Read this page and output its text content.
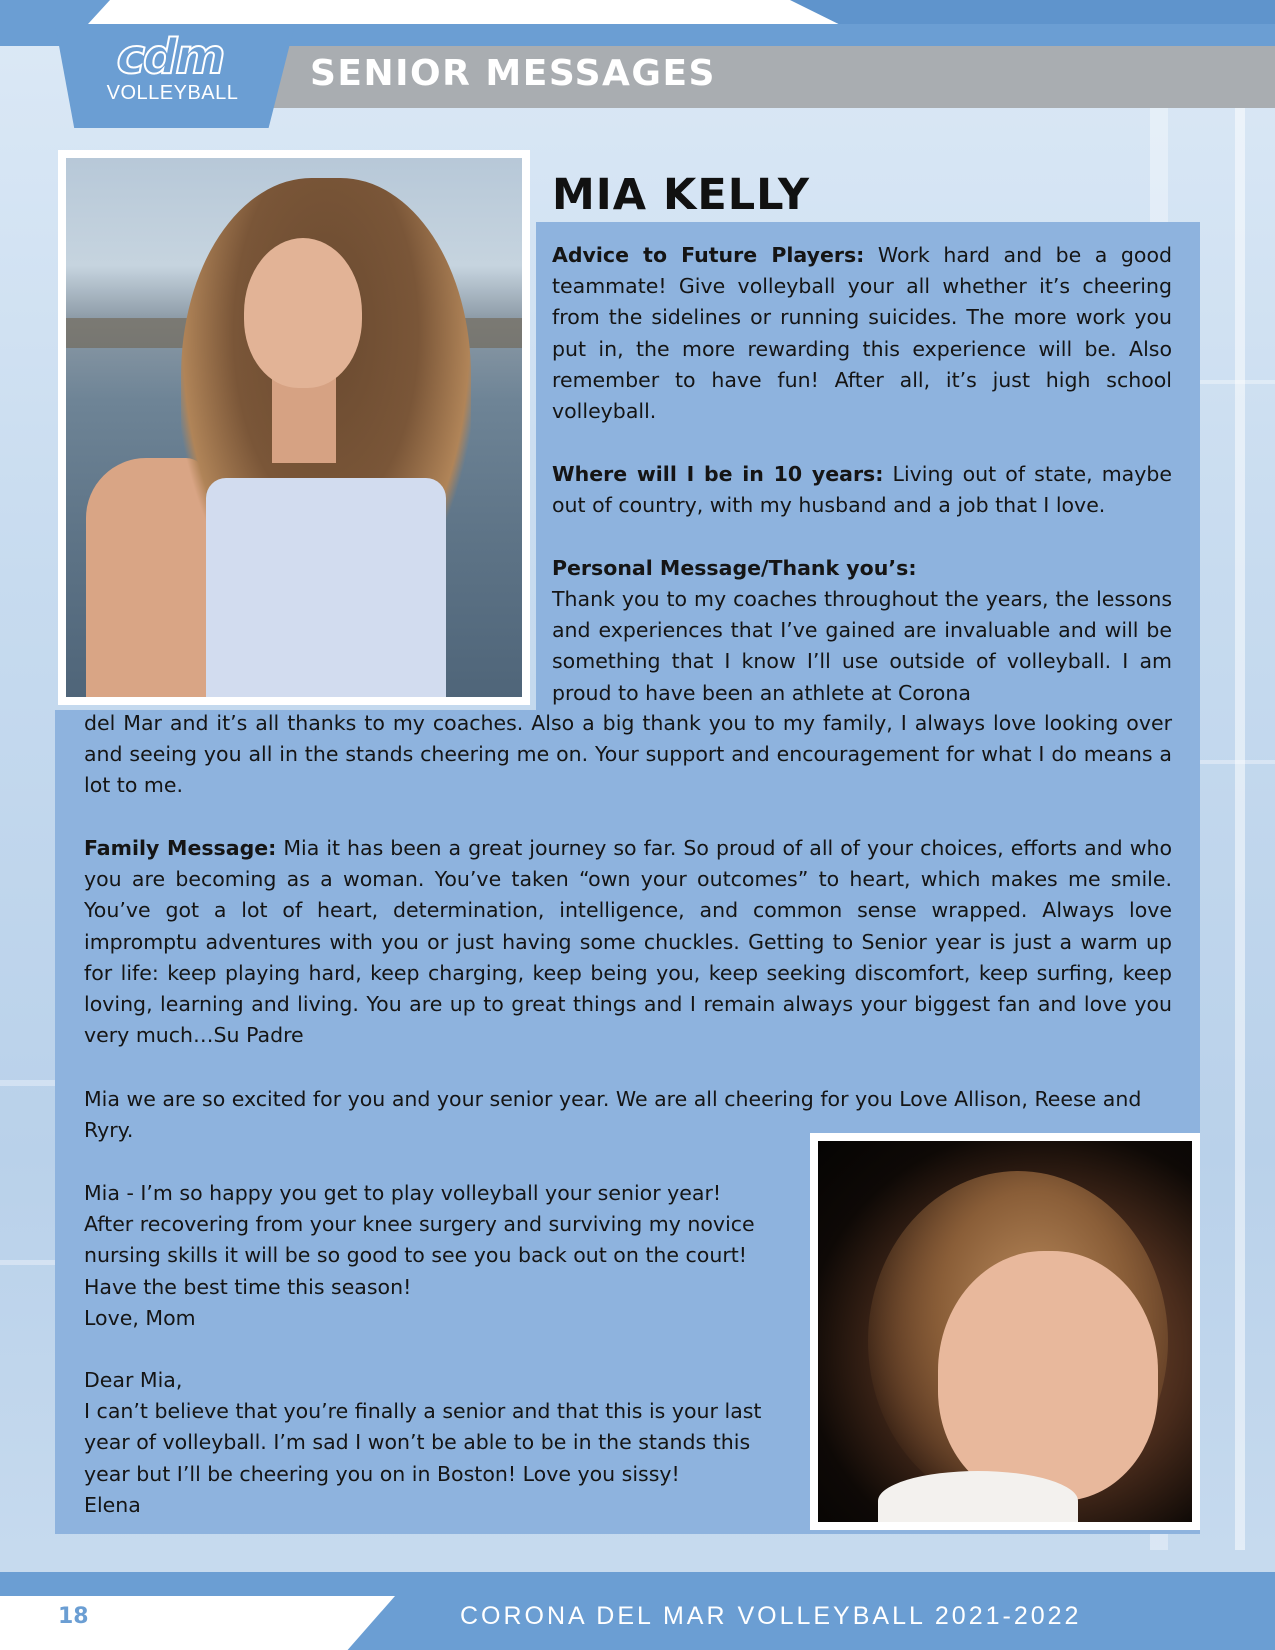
cdm
VOLLEYBALL	SENIOR MESSAGES
MIA KELLY
Advice to Future Players: Work hard and be a good teammate! Give volleyball your all whether it’s cheering from the sidelines or running suicides. The more work you put in, the more rewarding this experience will be. Also remember to have fun! After all, it’s just high school volleyball.
Where will I be in 10 years: Living out of state, maybe out of country, with my husband and a job that I love.
Personal Message/Thank you’s:
Thank you to my coaches throughout the years, the lessons and experiences that I’ve gained are invaluable and will be something that I know I’ll use outside of volleyball. I am proud to have been an athlete at Corona
del Mar and it’s all thanks to my coaches. Also a big thank you to my family, I always love looking over and seeing you all in the stands cheering me on. Your support and encouragement for what I do means a lot to me.
Family Message: Mia it has been a great journey so far. So proud of all of your choices, efforts and who you are becoming as a woman. You’ve taken “own your outcomes” to heart, which makes me smile. You’ve got a lot of heart, determination, intelligence, and common sense wrapped. Always love impromptu adventures with you or just having some chuckles. Getting to Senior year is just a warm up for life: keep playing hard, keep charging, keep being you, keep seeking discomfort, keep surfing, keep loving, learning and living. You are up to great things and I remain always your biggest fan and love you very much…Su Padre
Mia we are so excited for you and your senior year. We are all cheering for you Love Allison, Reese and Ryry.
Mia - I’m so happy you get to play volleyball your senior year!
After recovering from your knee surgery and surviving my novice
nursing skills it will be so good to see you back out on the court!
Have the best time this season!
Love, Mom
Dear Mia,
I can’t believe that you’re finally a senior and that this is your last
year of volleyball. I’m sad I won’t be able to be in the stands this
year but I’ll be cheering you on in Boston! Love you sissy!
Elena
18	CORONA DEL MAR VOLLEYBALL 2021-2022
